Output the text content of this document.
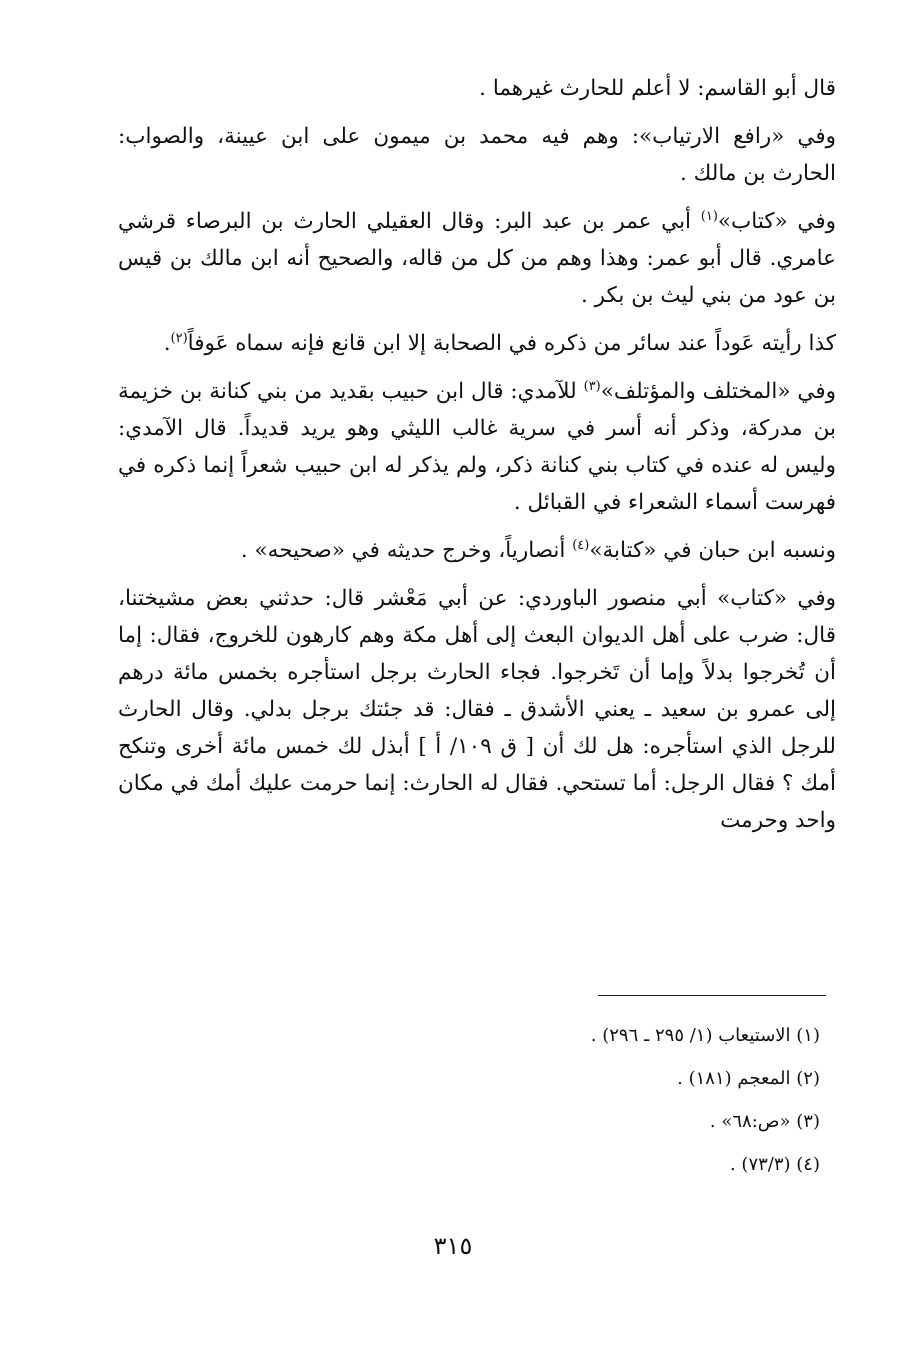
قال أبو القاسم: لا أعلم للحارث غيرهما .

وفي «رافع الارتياب»: وهم فيه محمد بن ميمون على ابن عيينة، والصواب: الحارث بن مالك .

وفي «كتاب»$^{(١)}$ أبي عمر بن عبد البر: وقال العقيلي الحارث بن البرصاء قرشي عامري. قال أبو عمر: وهذا وهم من كل من قاله، والصحيح أنه ابن مالك بن قيس بن عود من بني ليث بن بكر .

كذا رأيته عَوداً عند سائر من ذكره في الصحابة إلا ابن قانع فإنه سماه عَوفاً$^{(٢)}$.

وفي «المختلف والمؤتلف»$^{(٣)}$ للآمدي: قال ابن حبيب بقديد من بني كنانة بن خزيمة بن مدركة، وذكر أنه أسر في سرية غالب الليثي وهو يريد قديداً. قال الآمدي: وليس له عنده في كتاب بني كنانة ذكر، ولم يذكر له ابن حبيب شعراً إنما ذكره في فهرست أسماء الشعراء في القبائل .

ونسبه ابن حبان في «كتابة»$^{(٤)}$ أنصارياً، وخرج حديثه في «صحيحه» .

وفي «كتاب» أبي منصور الباوردي: عن أبي مَعْشر قال: حدثني بعض مشيختنا، قال: ضرب على أهل الديوان البعث إلى أهل مكة وهم كارهون للخروج، فقال: إما أن تُخرجوا بدلاً وإما أن تَخرجوا. فجاء الحارث برجل استأجره بخمس مائة درهم إلى عمرو بن سعيد ـ يعني الأشدق ـ فقال: قد جئتك برجل بدلي. وقال الحارث للرجل الذي استأجره: هل لك أن [ ق ١٠٩/ أ ] أبذل لك خمس مائة أخرى وتنكح أمك ؟ فقال الرجل: أما تستحي. فقال له الحارث: إنما حرمت عليك أمك في مكان واحد وحرمت

(١) الاستيعاب (١/ ٢٩٥ ـ ٢٩٦) .

(٢) المعجم (١٨١) .

(٣) «ص:٦٨» .

(٤) (٧٣/٣) .

٣١٥
